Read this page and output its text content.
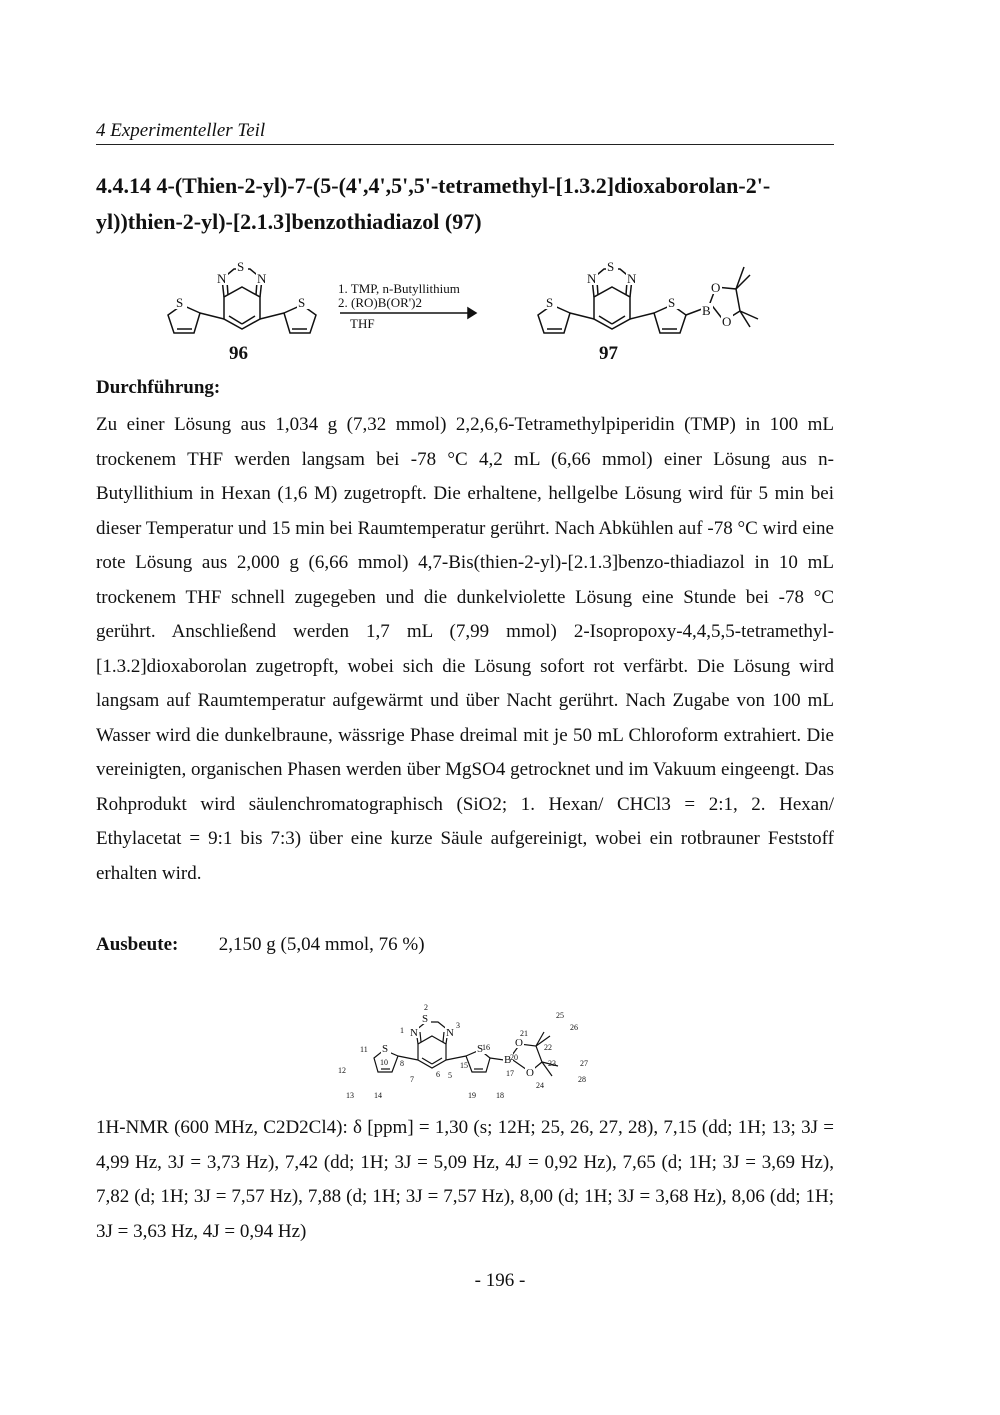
4 Experimenteller Teil
4.4.14 4-(Thien-2-yl)-7-(5-(4',4',5',5'-tetramethyl-[1.3.2]dioxaborolan-2'-yl))thien-2-yl)-[2.1.3]benzothiadiazol (97)
S
N N
S	S
S
N N
S	S
B
O
O
1. TMP, n-Butyllithium
2. (RO)B(OR')2
THF
96	97
Durchführung:

Zu einer Lösung aus 1,034 g (7,32 mmol) 2,2,6,6-Tetramethylpiperidin (TMP) in 100 mL trockenem THF werden langsam bei -78 °C 4,2 mL (6,66 mmol) einer Lösung aus n-Butyllithium in Hexan (1,6 M) zugetropft. Die erhaltene, hellgelbe Lösung wird für 5 min bei dieser Temperatur und 15 min bei Raumtemperatur gerührt. Nach Abkühlen auf -78 °C wird eine rote Lösung aus 2,000 g (6,66 mmol) 4,7-Bis(thien-2-yl)-[2.1.3]benzo-thiadiazol in 10 mL trockenem THF schnell zugegeben und die dunkelviolette Lösung eine Stunde bei -78 °C gerührt. Anschließend werden 1,7 mL (7,99 mmol) 2-Isopropoxy-4,4,5,5-tetramethyl-[1.3.2]dioxaborolan zugetropft, wobei sich die Lösung sofort rot verfärbt. Die Lösung wird langsam auf Raumtemperatur aufgewärmt und über Nacht gerührt. Nach Zugabe von 100 mL Wasser wird die dunkelbraune, wässrige Phase dreimal mit je 50 mL Chloroform extrahiert. Die vereinigten, organischen Phasen werden über MgSO4 getrocknet und im Vakuum eingeengt. Das Rohprodukt wird säulenchromatographisch (SiO2; 1. Hexan/ CHCl3 = 2:1, 2. Hexan/ Ethylacetat = 9:1 bis 7:3) über eine kurze Säule aufgereinigt, wobei ein rotbrauner Feststoff erhalten wird.

Ausbeute: 2,150 g (5,04 mmol, 76 %)
S
N	N
S	S
B
O
O
1
2
3
5
6
7
8
10
11
12
13	14
15
16
17
18
19
20
21
22
23
24
25
26
27
28

1H-NMR (600 MHz, C2D2Cl4): δ [ppm] = 1,30 (s; 12H; 25, 26, 27, 28), 7,15 (dd; 1H; 13; 3J = 4,99 Hz, 3J = 3,73 Hz), 7,42 (dd; 1H; 3J = 5,09 Hz, 4J = 0,92 Hz), 7,65 (d; 1H; 3J = 3,69 Hz), 7,82 (d; 1H; 3J = 7,57 Hz), 7,88 (d; 1H; 3J = 7,57 Hz), 8,00 (d; 1H; 3J = 3,68 Hz), 8,06 (dd; 1H; 3J = 3,63 Hz, 4J = 0,94 Hz)

- 196 -
